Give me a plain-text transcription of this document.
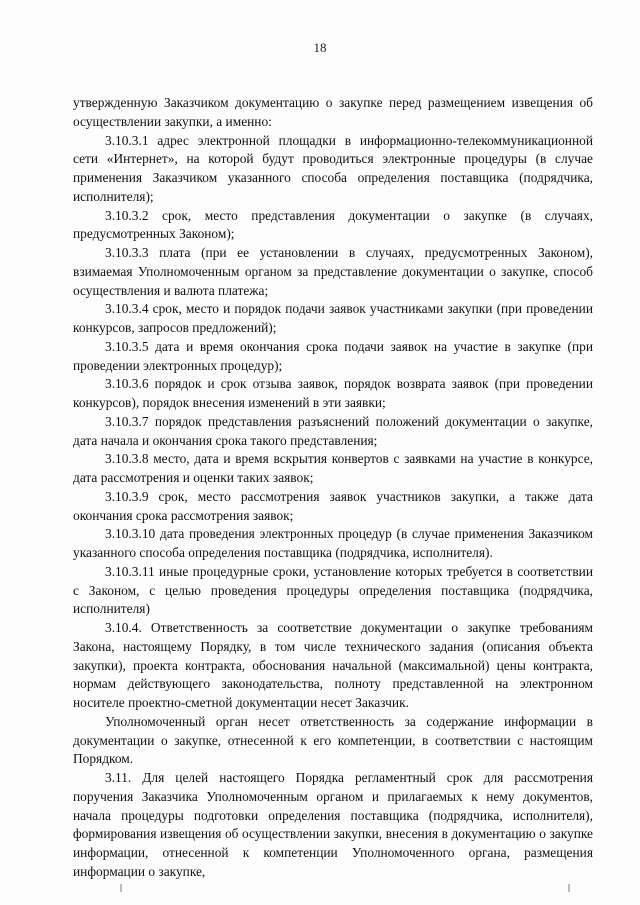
18

утвержденную Заказчиком документацию о закупке перед размещением извещения об осуществлении закупки, а именно:

3.10.3.1 адрес электронной площадки в информационно-телекоммуникационной сети «Интернет», на которой будут проводиться электронные процедуры (в случае применения Заказчиком указанного способа определения поставщика (подрядчика, исполнителя);

3.10.3.2 срок, место представления документации о закупке (в случаях, предусмотренных Законом);

3.10.3.3 плата (при ее установлении в случаях, предусмотренных Законом), взимаемая Уполномоченным органом за представление документации о закупке, способ осуществления и валюта платежа;

3.10.3.4 срок, место и порядок подачи заявок участниками закупки (при проведении конкурсов, запросов предложений);

3.10.3.5 дата и время окончания срока подачи заявок на участие в закупке (при проведении электронных процедур);

3.10.3.6 порядок и срок отзыва заявок, порядок возврата заявок (при проведении конкурсов), порядок внесения изменений в эти заявки;

3.10.3.7 порядок представления разъяснений положений документации о закупке, дата начала и окончания срока такого представления;

3.10.3.8 место, дата и время вскрытия конвертов с заявками на участие в конкурсе, дата рассмотрения и оценки таких заявок;

3.10.3.9 срок, место рассмотрения заявок участников закупки, а также дата окончания срока рассмотрения заявок;

3.10.3.10 дата проведения электронных процедур (в случае применения Заказчиком указанного способа определения поставщика (подрядчика, исполнителя).

3.10.3.11 иные процедурные сроки, установление которых требуется в соответствии с Законом, с целью проведения процедуры определения поставщика (подрядчика, исполнителя)

3.10.4. Ответственность за соответствие документации о закупке требованиям Закона, настоящему Порядку, в том числе технического задания (описания объекта закупки), проекта контракта, обоснования начальной (максимальной) цены контракта, нормам действующего законодательства, полноту представленной на электронном носителе проектно-сметной документации несет Заказчик.

Уполномоченный орган несет ответственность за содержание информации в документации о закупке, отнесенной к его компетенции, в соответствии с настоящим Порядком.

3.11. Для целей настоящего Порядка регламентный срок для рассмотрения поручения Заказчика Уполномоченным органом и прилагаемых к нему документов, начала процедуры подготовки определения поставщика (подрядчика, исполнителя), формирования извещения об осуществлении закупки, внесения в документацию о закупке информации, отнесенной к компетенции Уполномоченного органа, размещения информации о закупке,
